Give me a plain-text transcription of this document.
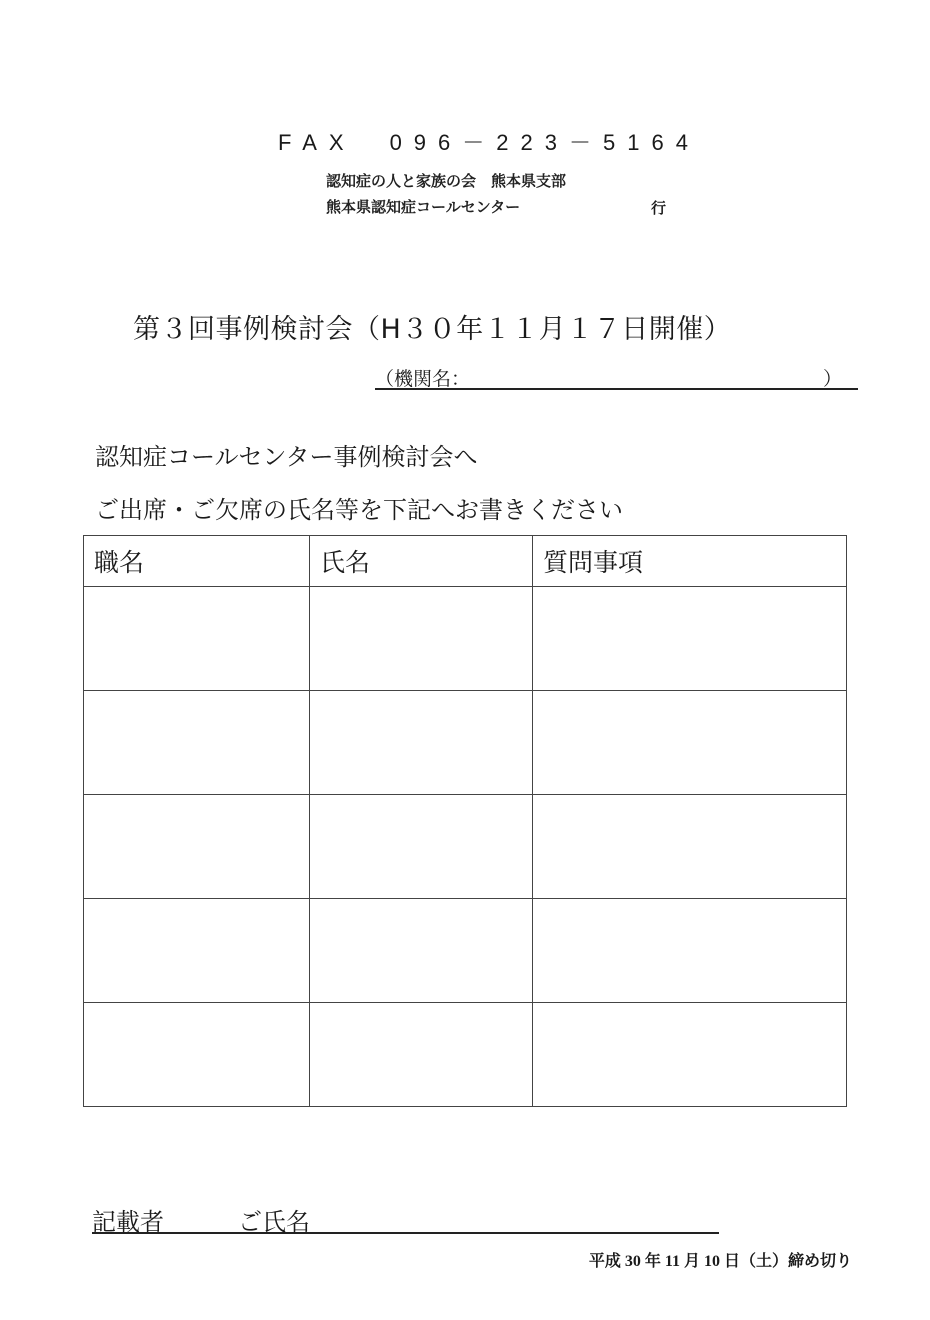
FAX　096－223－5164
認知症の人と家族の会　熊本県支部
熊本県認知症コールセンター	行
第３回事例検討会（H３０年１１月１７日開催）
（機関名：	）
認知症コールセンター事例検討会へ
ご出席・ご欠席の氏名等を下記へお書きください
職名	氏名	質問事項

記載者	ご氏名
平成 30 年 11 月 10 日（土）締め切り
